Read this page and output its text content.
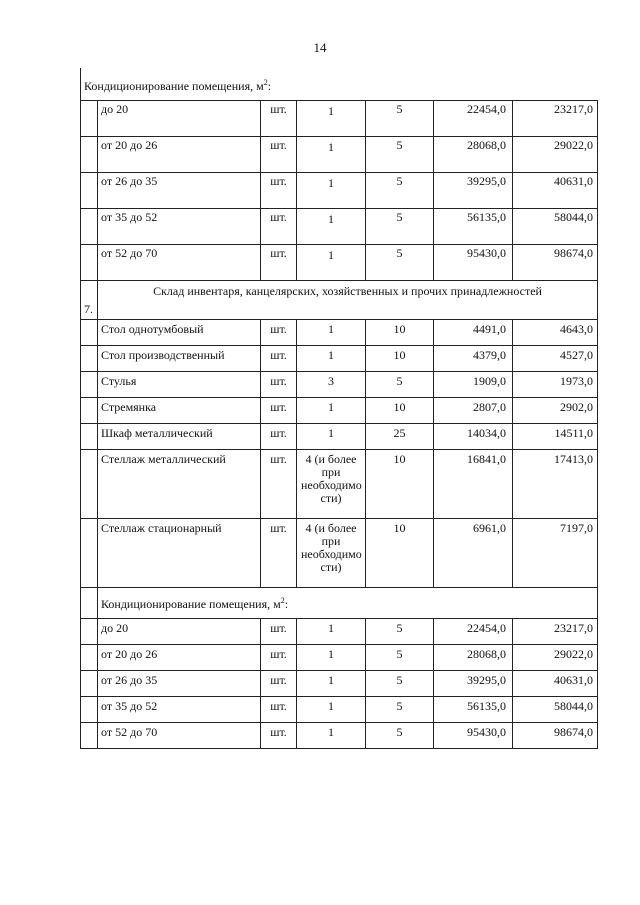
14
Кондиционирование помещения, $м^2$:						
	до 20	шт.	1	5	22454,0	23217,0
	от 20 до 26	шт.	1	5	28068,0	29022,0
	от 26 до 35	шт.	1	5	39295,0	40631,0
	от 35 до 52	шт.	1	5	56135,0	58044,0
	от 52 до 70	шт.	1	5	95430,0	98674,0
7.	Склад инвентаря, канцелярских, хозяйственных и прочих принадлежностей					
	Стол однотумбовый	шт.	1	10	4491,0	4643,0
	Стол производственный	шт.	1	10	4379,0	4527,0
	Стулья	шт.	3	5	1909,0	1973,0
	Стремянка	шт.	1	10	2807,0	2902,0
	Шкаф металлический	шт.	1	25	14034,0	14511,0
	Стеллаж металлический	шт.	4 (и более при необходимо сти)	10	16841,0	17413,0
	Стеллаж стационарный	шт.	4 (и более при необходимо сти)	10	6961,0	7197,0
	Кондиционирование помещения, $м^2$:					
	до 20	шт.	1	5	22454,0	23217,0
	от 20 до 26	шт.	1	5	28068,0	29022,0
	от 26 до 35	шт.	1	5	39295,0	40631,0
	от 35 до 52	шт.	1	5	56135,0	58044,0
	от 52 до 70	шт.	1	5	95430,0	98674,0
